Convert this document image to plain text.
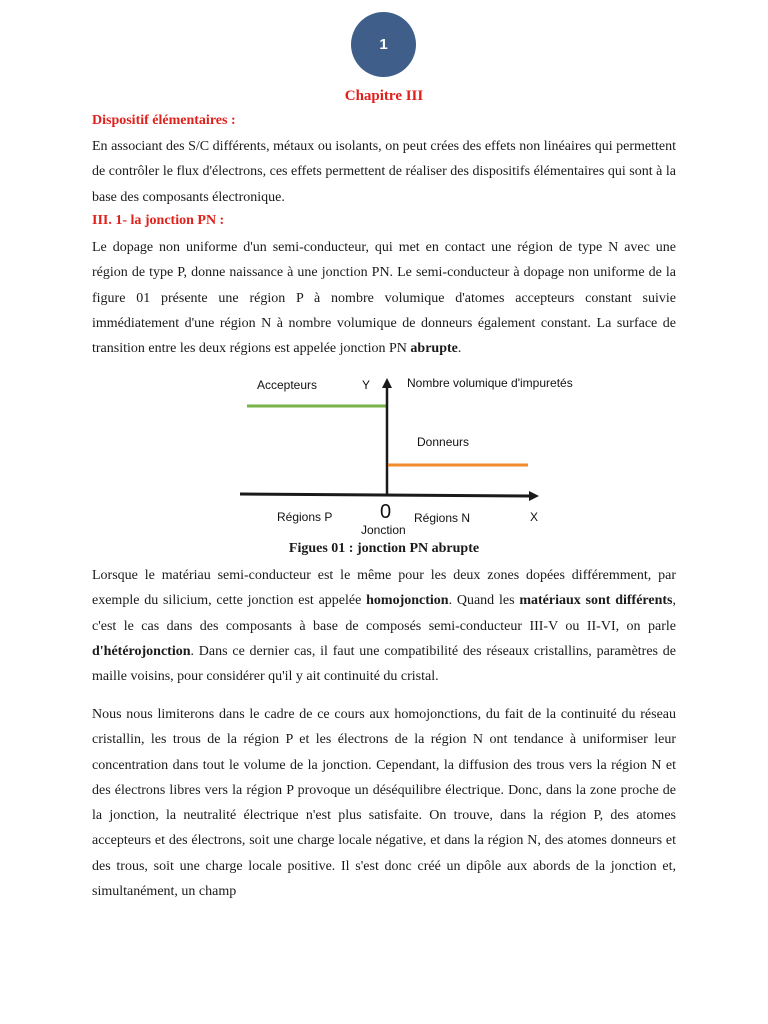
1
Chapitre III
Dispositif élémentaires :

En associant des S/C différents, métaux ou isolants, on peut crées des effets non linéaires qui permettent de contrôler le flux d'électrons, ces effets permettent de réaliser des dispositifs élémentaires qui sont à la base des composants électronique.

III. 1- la jonction PN :

Le dopage non uniforme d'un semi-conducteur, qui met en contact une région de type N avec une région de type P, donne naissance à une jonction PN. Le semi-conducteur à dopage non uniforme de la figure 01 présente une région P à nombre volumique d'atomes accepteurs constant suivie immédiatement d'une région N à nombre volumique de donneurs également constant. La surface de transition entre les deux régions est appelée jonction PN abrupte.

Accepteurs	Y	Nombre volumique d'impuretés
Donneurs
0
Régions P	Régions N	X
Jonction
Figues 01 : jonction PN abrupte

Lorsque le matériau semi-conducteur est le même pour les deux zones dopées différemment, par exemple du silicium, cette jonction est appelée homojonction. Quand les matériaux sont différents, c'est le cas dans des composants à base de composés semi-conducteur III-V ou II-VI, on parle d'hétérojonction. Dans ce dernier cas, il faut une compatibilité des réseaux cristallins, paramètres de maille voisins, pour considérer qu'il y ait continuité du cristal.

Nous nous limiterons dans le cadre de ce cours aux homojonctions, du fait de la continuité du réseau cristallin, les trous de la région P et les électrons de la région N ont tendance à uniformiser leur concentration dans tout le volume de la jonction. Cependant, la diffusion des trous vers la région N et des électrons libres vers la région P provoque un déséquilibre électrique. Donc, dans la zone proche de la jonction, la neutralité électrique n'est plus satisfaite. On trouve, dans la région P, des atomes accepteurs et des électrons, soit une charge locale négative, et dans la région N, des atomes donneurs et des trous, soit une charge locale positive. Il s'est donc créé un dipôle aux abords de la jonction et, simultanément, un champ
